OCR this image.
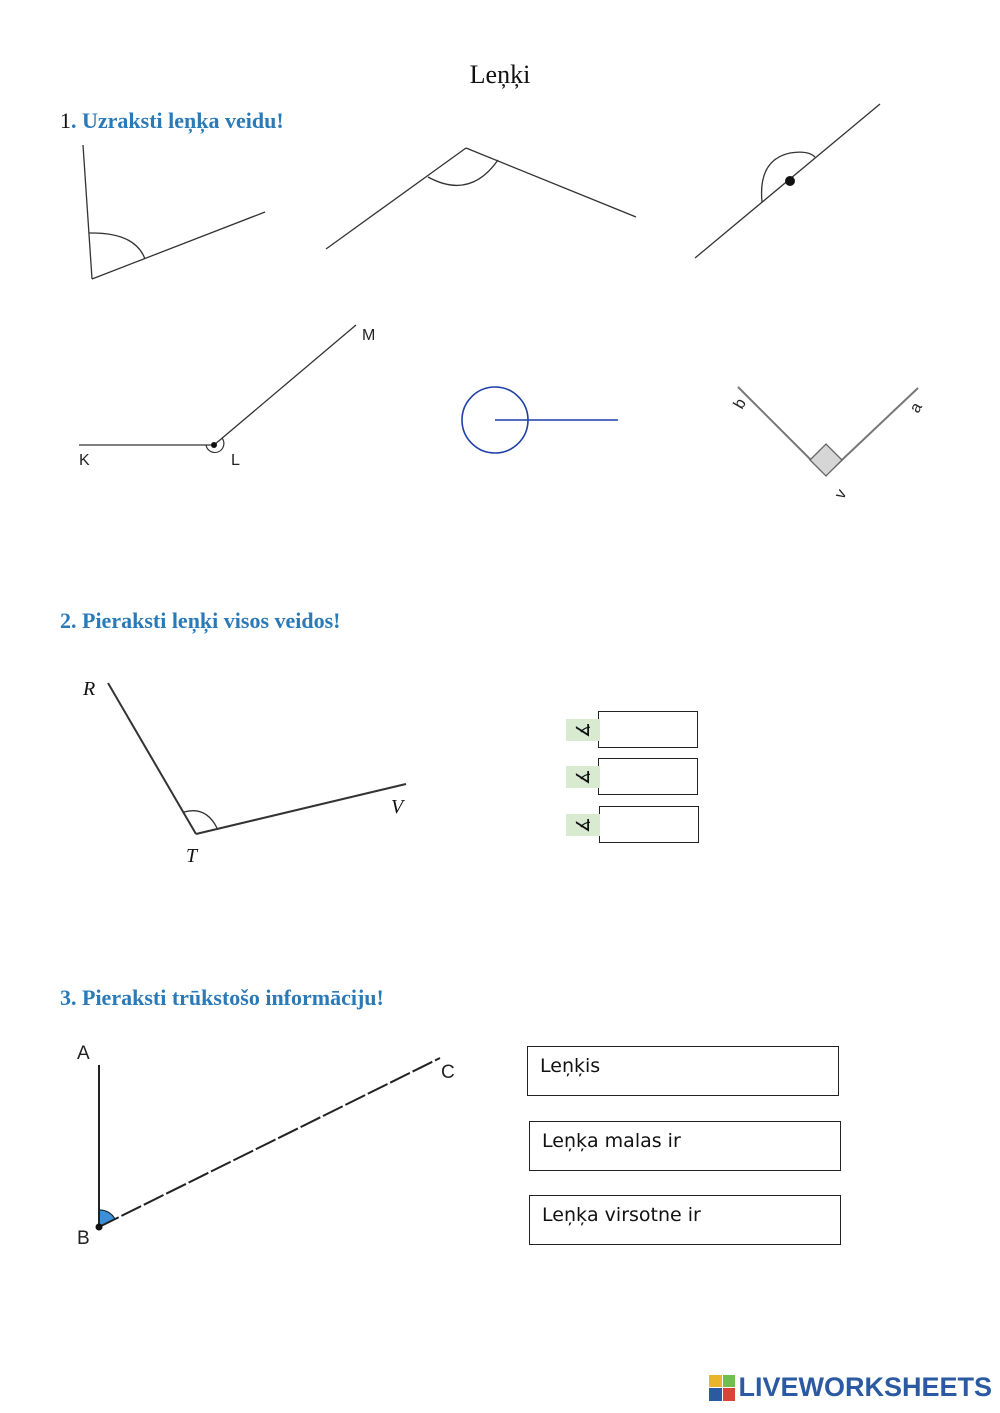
Leņķi
1. Uzraksti leņķa veidu!
2. Pieraksti leņķi visos veidos!
3. Pieraksti trūkstošo informāciju!
M
K	L
b	a
v
R
T
V
A
B
C
∡
∡
∡
Leņķis
Leņķa malas ir
Leņķa virsotne ir
LIVEWORKSHEETS
